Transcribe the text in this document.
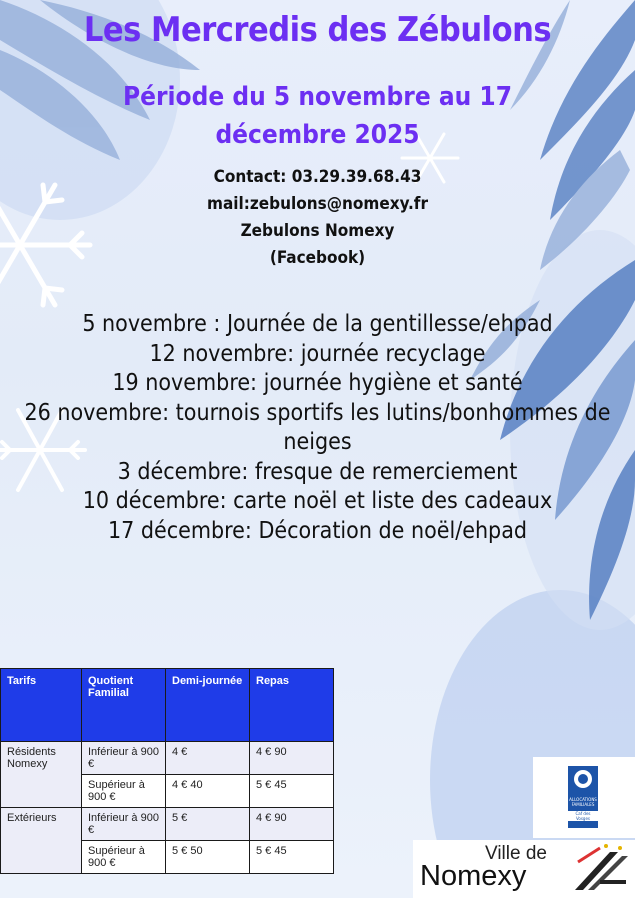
Les Mercredis des Zébulons
Période du 5 novembre au 17
décembre 2025
Contact: 03.29.39.68.43
mail:zebulons@nomexy.fr
Zebulons Nomexy
(Facebook)
5 novembre : Journée de la gentillesse/ehpad
12 novembre: journée recyclage
19 novembre: journée hygiène et santé
26 novembre: tournois sportifs les lutins/bonhommes de
neiges
3 décembre: fresque de remerciement
10 décembre: carte noël et liste des cadeaux
17 décembre: Décoration de noël/ehpad
Tarifs	Quotient Familial	Demi-journée	Repas
Résidents Nomexy	Inférieur à 900 €	4 €	4 € 90
	Supérieur à 900 €	4 € 40	5 € 45
Extérieurs	Inférieur à 900 €	5 €	4 € 90
	Supérieur à 900 €	5 € 50	5 € 45
ALLOCATIONS FAMILIALES
Caf des Vosges
Ville de
Nomexy
